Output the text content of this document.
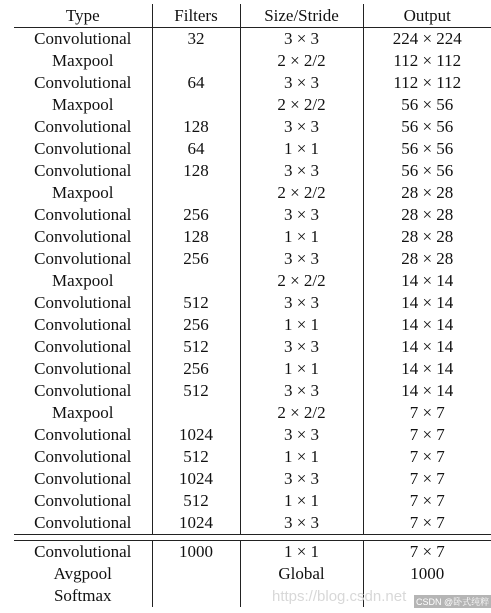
Type	Filters	Size/Stride	Output
Convolutional	32	3 × 3	224 × 224
Maxpool		2 × 2/2	112 × 112
Convolutional	64	3 × 3	112 × 112
Maxpool		2 × 2/2	56 × 56
Convolutional	128	3 × 3	56 × 56
Convolutional	64	1 × 1	56 × 56
Convolutional	128	3 × 3	56 × 56
Maxpool		2 × 2/2	28 × 28
Convolutional	256	3 × 3	28 × 28
Convolutional	128	1 × 1	28 × 28
Convolutional	256	3 × 3	28 × 28
Maxpool		2 × 2/2	14 × 14
Convolutional	512	3 × 3	14 × 14
Convolutional	256	1 × 1	14 × 14
Convolutional	512	3 × 3	14 × 14
Convolutional	256	1 × 1	14 × 14
Convolutional	512	3 × 3	14 × 14
Maxpool		2 × 2/2	7 × 7
Convolutional	1024	3 × 3	7 × 7
Convolutional	512	1 × 1	7 × 7
Convolutional	1024	3 × 3	7 × 7
Convolutional	512	1 × 1	7 × 7
Convolutional	1024	3 × 3	7 × 7

Convolutional	1000	1 × 1	7 × 7
Avgpool		Global	1000
Softmax				https://blog.csdn.net CSDN @卧式纯粹
